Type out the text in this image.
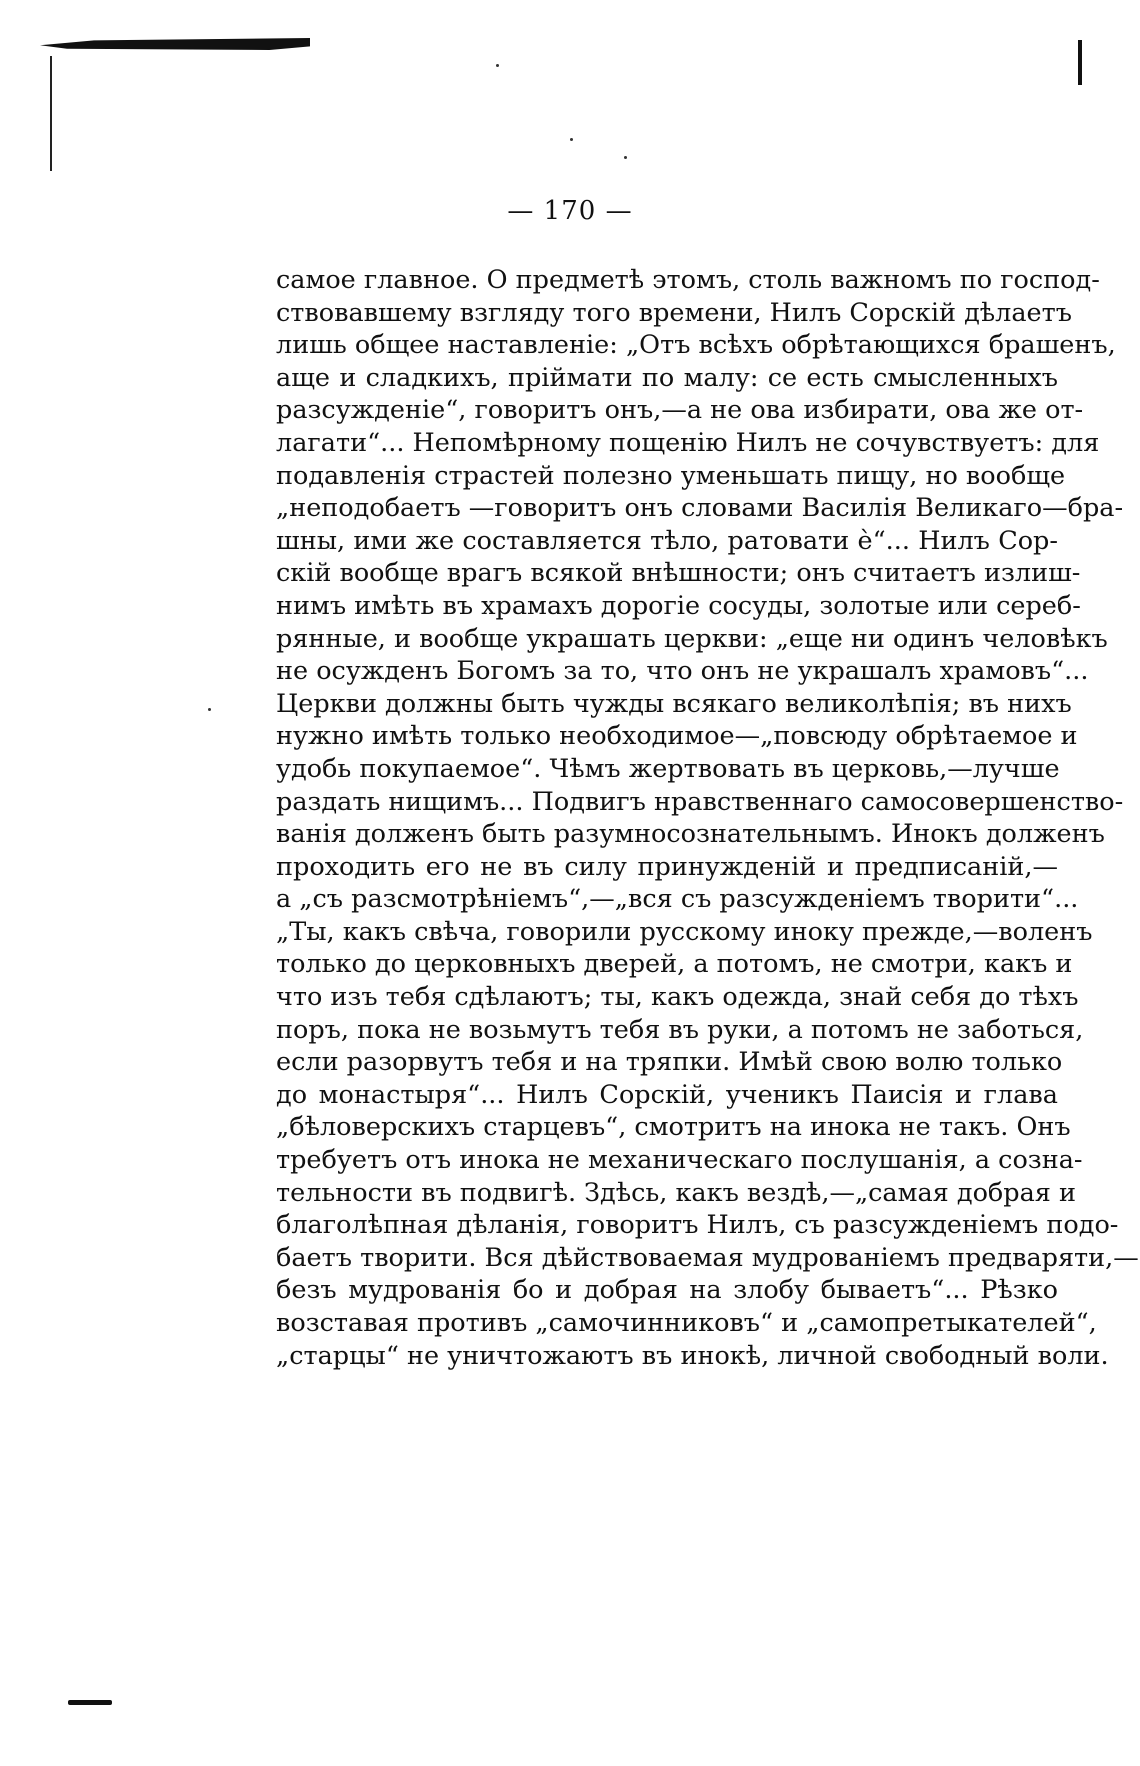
— 170 —
самое главное. О предметѣ этомъ, столь важномъ по господ-
ствовавшему взгляду того времени, Нилъ Сорскій дѣлаетъ
лишь общее наставленіе: „Отъ всѣхъ обрѣтающихся брашенъ,
аще и сладкихъ, пріймати по малу: се есть смысленныхъ
разсужденіе“, говоритъ онъ,—а не ова избирати, ова же от-
лагати“... Непомѣрному пощенію Нилъ не сочувствуетъ: для
подавленія страстей полезно уменьшать пищу, но вообще
„неподобаетъ —говоритъ онъ словами Василія Великаго—бра-
шны, ими же составляется тѣло, ратовати ѐ“... Нилъ Сор-
скій вообще врагъ всякой внѣшности; онъ считаетъ излиш-
нимъ имѣть въ храмахъ дорогіе сосуды, золотые или сереб-
рянные, и вообще украшать церкви: „еще ни одинъ человѣкъ
не осужденъ Богомъ за то, что онъ не украшалъ храмовъ“...
Церкви должны быть чужды всякаго великолѣпія; въ нихъ
нужно имѣть только необходимое—„повсюду обрѣтаемое и
удобь покупаемое“. Чѣмъ жертвовать въ церковь,—лучше
раздать нищимъ... Подвигъ нравственнаго самосовершенство-
ванія долженъ быть разумносознательнымъ. Инокъ долженъ
проходить его не въ силу принужденій и предписаній,—
а „съ разсмотрѣніемъ“,—„вся съ разсужденіемъ творити“...
„Ты, какъ свѣча, говорили русскому иноку прежде,—воленъ
только до церковныхъ дверей, а потомъ, не смотри, какъ и
что изъ тебя сдѣлаютъ; ты, какъ одежда, знай себя до тѣхъ
поръ, пока не возьмутъ тебя въ руки, а потомъ не заботься,
если разорвутъ тебя и на тряпки. Имѣй свою волю только
до монастыря“... Нилъ Сорскій, ученикъ Паисія и глава
„бѣловерскихъ старцевъ“, смотритъ на инока не такъ. Онъ
требуетъ отъ инока не механическаго послушанія, а созна-
тельности въ подвигѣ. Здѣсь, какъ вездѣ,—„самая добрая и
благолѣпная дѣланія, говоритъ Нилъ, съ разсужденіемъ подо-
баетъ творити. Вся дѣйствоваемая мудрованіемъ предваряти,—
безъ мудрованія бо и добрая на злобу бываетъ“... Рѣзко
возставая противъ „самочинниковъ“ и „самопретыкателей“,
„старцы“ не уничтожаютъ въ инокѣ, личной свободный воли.
